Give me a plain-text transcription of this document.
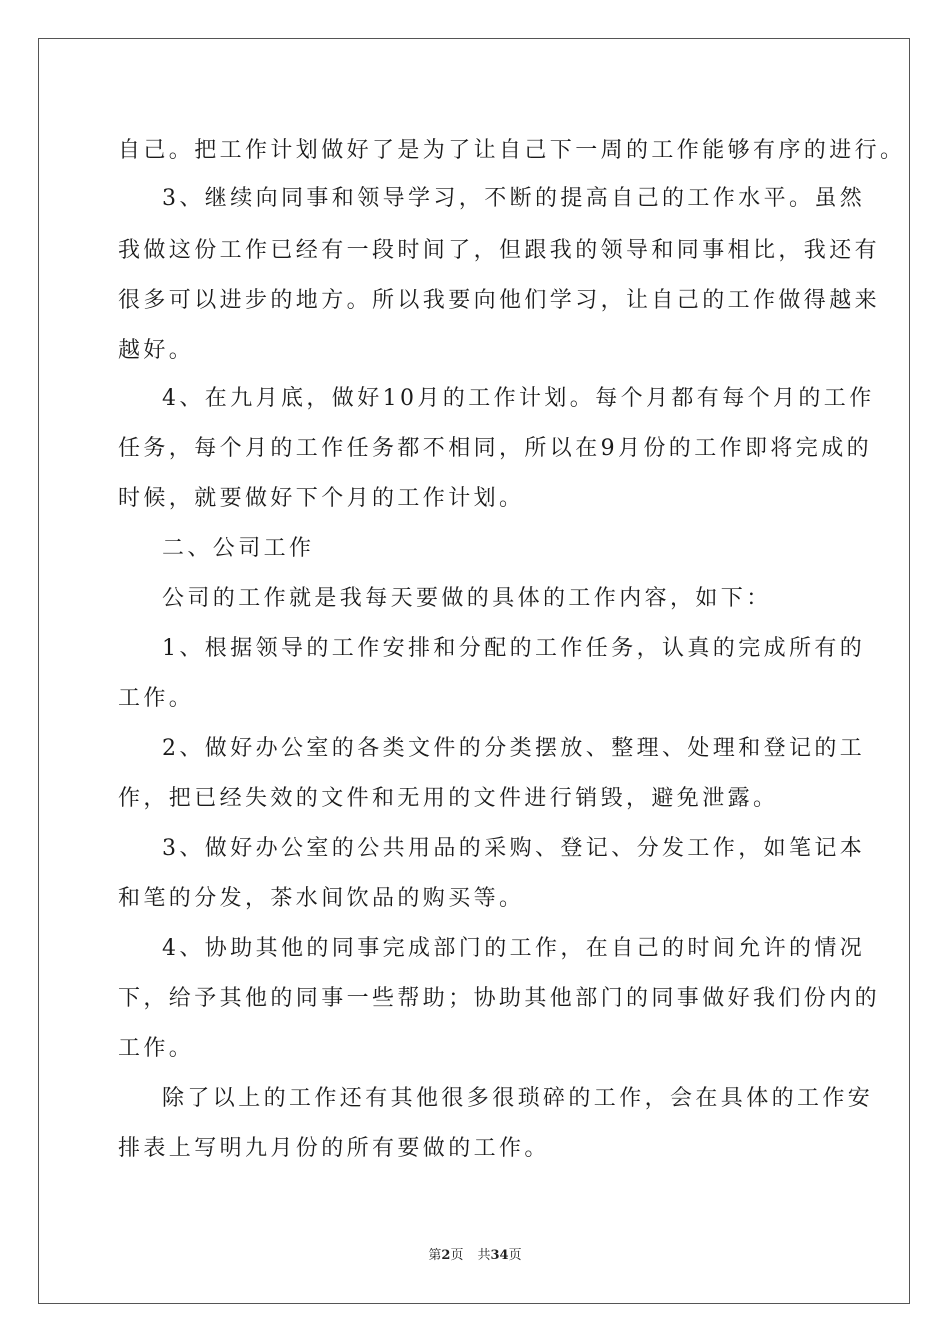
自己。把工作计划做好了是为了让自己下一周的工作能够有序的进行。
3、继续向同事和领导学习，不断的提高自己的工作水平。虽然
我做这份工作已经有一段时间了，但跟我的领导和同事相比，我还有
很多可以进步的地方。所以我要向他们学习，让自己的工作做得越来
越好。
4、在九月底，做好10月的工作计划。每个月都有每个月的工作
任务，每个月的工作任务都不相同，所以在9月份的工作即将完成的
时候，就要做好下个月的工作计划。
二、公司工作
公司的工作就是我每天要做的具体的工作内容，如下：
1、根据领导的工作安排和分配的工作任务，认真的完成所有的
工作。
2、做好办公室的各类文件的分类摆放、整理、处理和登记的工
作，把已经失效的文件和无用的文件进行销毁，避免泄露。
3、做好办公室的公共用品的采购、登记、分发工作，如笔记本
和笔的分发，茶水间饮品的购买等。
4、协助其他的同事完成部门的工作，在自己的时间允许的情况
下，给予其他的同事一些帮助；协助其他部门的同事做好我们份内的
工作。
除了以上的工作还有其他很多很琐碎的工作，会在具体的工作安
排表上写明九月份的所有要做的工作。
第2页 共34页
